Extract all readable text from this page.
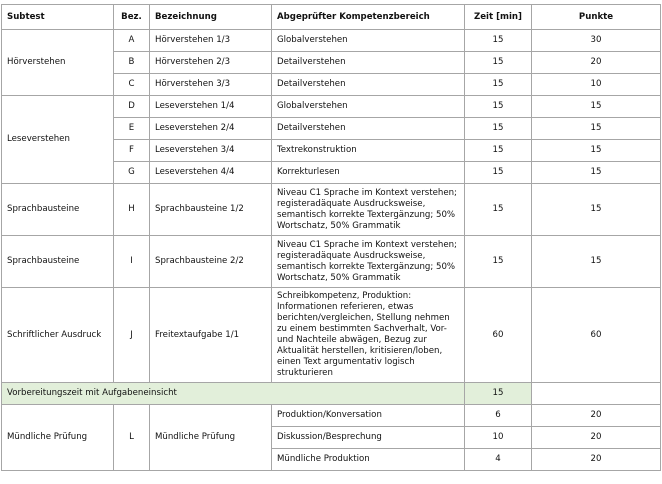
Subtest	Bez.	Bezeichnung	Abgeprüfter Kompetenzbereich	Zeit [min]	Punkte
Hörverstehen	A	Hörverstehen 1/3	Globalverstehen	15	30
	B	Hörverstehen 2/3	Detailverstehen	15	20
	C	Hörverstehen 3/3	Detailverstehen	15	10
Leseverstehen	D	Leseverstehen 1/4	Globalverstehen	15	15
	E	Leseverstehen 2/4	Detailverstehen	15	15
	F	Leseverstehen 3/4	Textrekonstruktion	15	15
	G	Leseverstehen 4/4	Korrekturlesen	15	15
Sprachbausteine	H	Sprachbausteine 1/2	Niveau C1 Sprache im Kontext verstehen; registeradäquate Ausdrucksweise, semantisch korrekte Textergänzung; 50% Wortschatz, 50% Grammatik	15	15
Sprachbausteine	I	Sprachbausteine 2/2	Niveau C1 Sprache im Kontext verstehen; registeradäquate Ausdrucksweise, semantisch korrekte Textergänzung; 50% Wortschatz, 50% Grammatik	15	15
Schriftlicher Ausdruck	J	Freitextaufgabe 1/1	Schreibkompetenz, Produktion: Informationen referieren, etwas berichten/vergleichen, Stellung nehmen zu einem bestimmten Sachverhalt, Vor- und Nachteile abwägen, Bezug zur Aktualität herstellen, kritisieren/loben, einen Text argumentativ logisch strukturieren	60	60
Vorbereitungszeit mit Aufgabeneinsicht				15	
Mündliche Prüfung	L	Mündliche Prüfung	Produktion/Konversation	6	20
			Diskussion/Besprechung	10	20
			Mündliche Produktion	4	20
